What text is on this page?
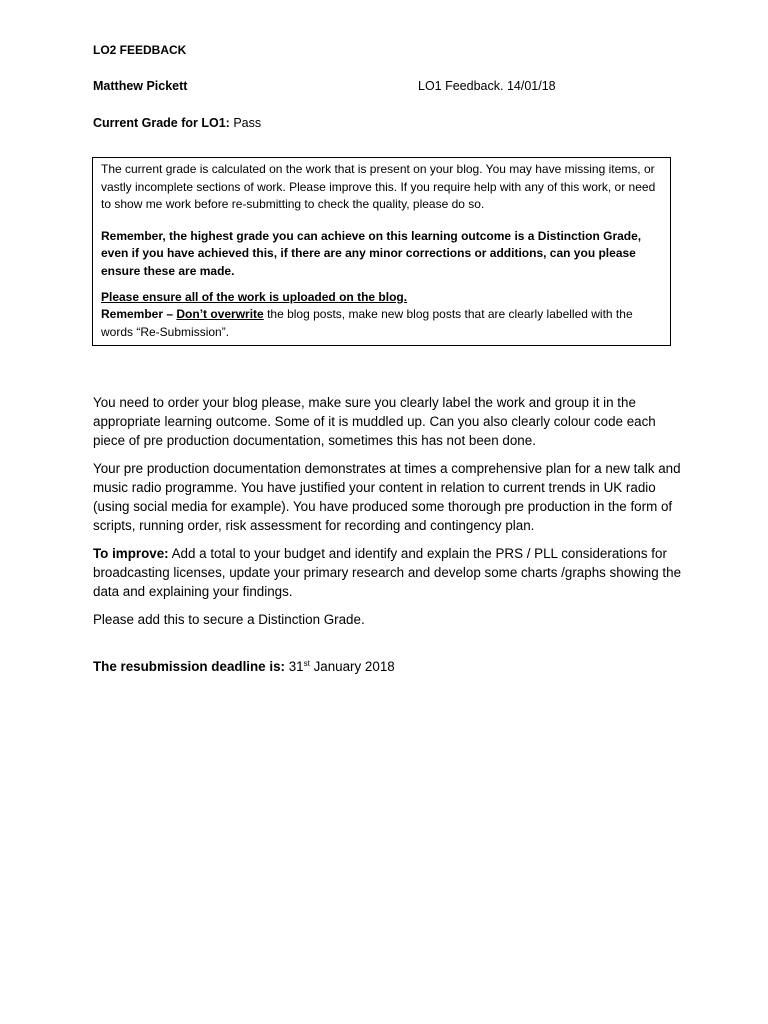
LO2 FEEDBACK

Matthew Pickett	LO1 Feedback. 14/01/18
Current Grade for LO1: Pass

The current grade is calculated on the work that is present on your blog. You may have missing items, or vastly incomplete sections of work. Please improve this. If you require help with any of this work, or need to show me work before re-submitting to check the quality, please do so.

Remember, the highest grade you can achieve on this learning outcome is a Distinction Grade, even if you have achieved this, if there are any minor corrections or additions, can you please ensure these are made.

Please ensure all of the work is uploaded on the blog.

Remember – Don’t overwrite the blog posts, make new blog posts that are clearly labelled with the words “Re-Submission”.

You need to order your blog please, make sure you clearly label the work and group it in the appropriate learning outcome. Some of it is muddled up. Can you also clearly colour code each piece of pre production documentation, sometimes this has not been done.

Your pre production documentation demonstrates at times a comprehensive plan for a new talk and music radio programme. You have justified your content in relation to current trends in UK radio (using social media for example). You have produced some thorough pre production in the form of scripts, running order, risk assessment for recording and contingency plan.

To improve: Add a total to your budget and identify and explain the PRS / PLL considerations for broadcasting licenses, update your primary research and develop some charts /graphs showing the data and explaining your findings.

Please add this to secure a Distinction Grade.

The resubmission deadline is: 31st January 2018
